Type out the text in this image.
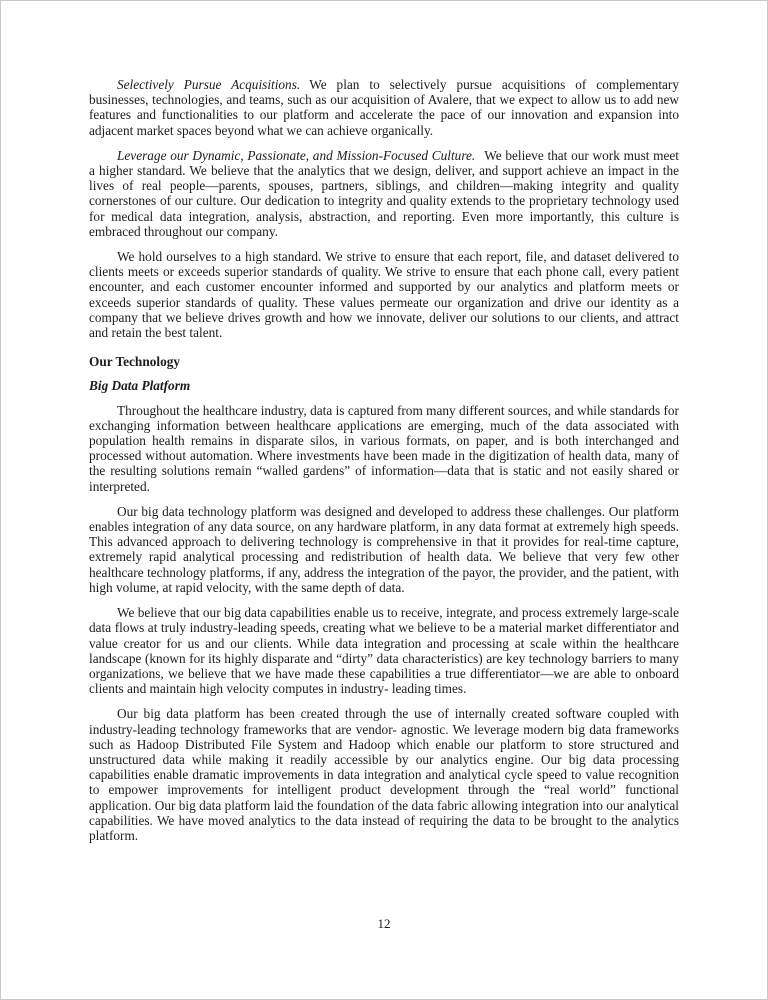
Selectively Pursue Acquisitions. We plan to selectively pursue acquisitions of complementary businesses, technologies, and teams, such as our acquisition of Avalere, that we expect to allow us to add new features and functionalities to our platform and accelerate the pace of our innovation and expansion into adjacent market spaces beyond what we can achieve organically.

Leverage our Dynamic, Passionate, and Mission-Focused Culture. We believe that our work must meet a higher standard. We believe that the analytics that we design, deliver, and support achieve an impact in the lives of real people—parents, spouses, partners, siblings, and children—making integrity and quality cornerstones of our culture. Our dedication to integrity and quality extends to the proprietary technology used for medical data integration, analysis, abstraction, and reporting. Even more importantly, this culture is embraced throughout our company.

We hold ourselves to a high standard. We strive to ensure that each report, file, and dataset delivered to clients meets or exceeds superior standards of quality. We strive to ensure that each phone call, every patient encounter, and each customer encounter informed and supported by our analytics and platform meets or exceeds superior standards of quality. These values permeate our organization and drive our identity as a company that we believe drives growth and how we innovate, deliver our solutions to our clients, and attract and retain the best talent.

Our Technology
Big Data Platform

Throughout the healthcare industry, data is captured from many different sources, and while standards for exchanging information between healthcare applications are emerging, much of the data associated with population health remains in disparate silos, in various formats, on paper, and is both interchanged and processed without automation. Where investments have been made in the digitization of health data, many of the resulting solutions remain “walled gardens” of information—data that is static and not easily shared or interpreted.

Our big data technology platform was designed and developed to address these challenges. Our platform enables integration of any data source, on any hardware platform, in any data format at extremely high speeds. This advanced approach to delivering technology is comprehensive in that it provides for real-time capture, extremely rapid analytical processing and redistribution of health data. We believe that very few other healthcare technology platforms, if any, address the integration of the payor, the provider, and the patient, with high volume, at rapid velocity, with the same depth of data.

We believe that our big data capabilities enable us to receive, integrate, and process extremely large-scale data flows at truly industry-leading speeds, creating what we believe to be a material market differentiator and value creator for us and our clients. While data integration and processing at scale within the healthcare landscape (known for its highly disparate and “dirty” data characteristics) are key technology barriers to many organizations, we believe that we have made these capabilities a true differentiator—we are able to onboard clients and maintain high velocity computes in industry- leading times.

Our big data platform has been created through the use of internally created software coupled with industry-leading technology frameworks that are vendor- agnostic. We leverage modern big data frameworks such as Hadoop Distributed File System and Hadoop which enable our platform to store structured and unstructured data while making it readily accessible by our analytics engine. Our big data processing capabilities enable dramatic improvements in data integration and analytical cycle speed to value recognition to empower improvements for intelligent product development through the “real world” functional application. Our big data platform laid the foundation of the data fabric allowing integration into our analytical capabilities. We have moved analytics to the data instead of requiring the data to be brought to the analytics platform.

12
